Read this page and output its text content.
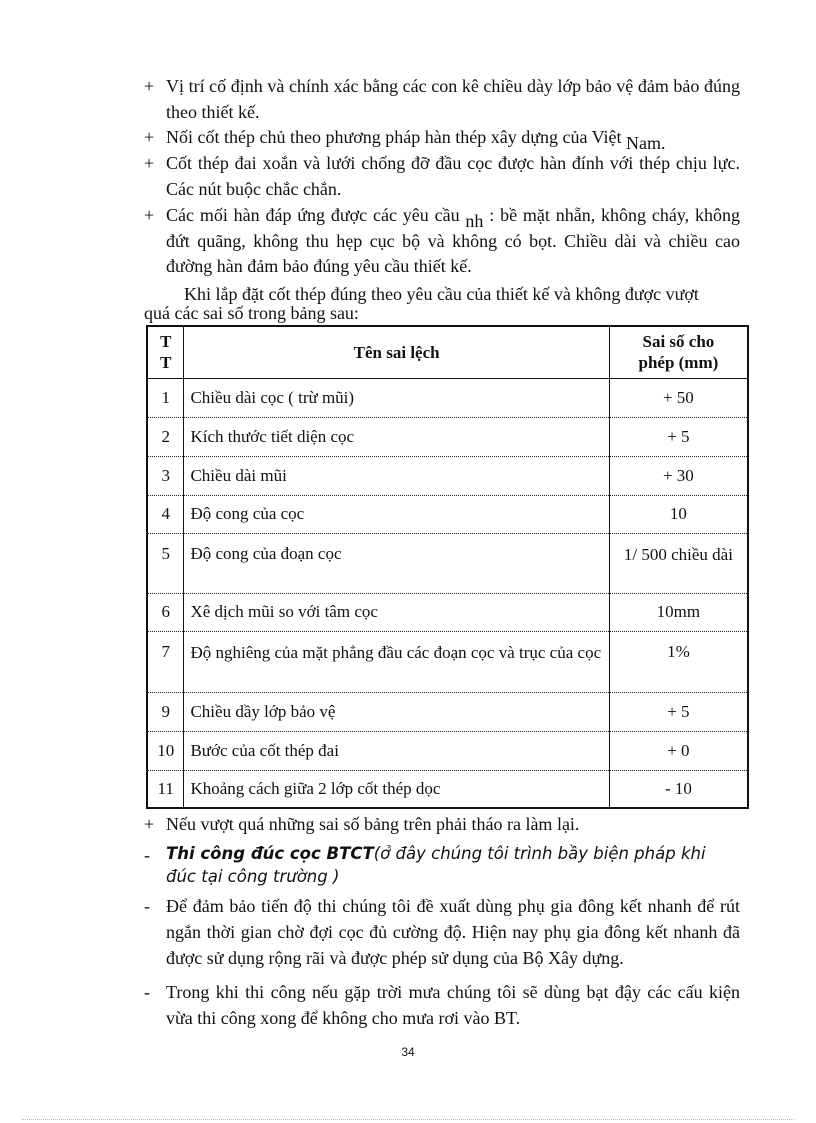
+ Vị trí cố định và chính xác bằng các con kê chiều dày lớp bảo vệ đảm bảo đúng theo thiết kế.
+ Nối cốt thép chủ theo phương pháp hàn thép xây dựng của Việt Nam.
+ Cốt thép đai xoắn và lưới chống đỡ đầu cọc được hàn đính với thép chịu lực. Các nút buộc chắc chắn.
+ Các mối hàn đáp ứng được các yêu cầu nh : bề mặt nhẵn, không cháy, không đứt quãng, không thu hẹp cục bộ và không có bọt. Chiều dài và chiều cao đường hàn đảm bảo đúng yêu cầu thiết kế.
Khi lắp đặt cốt thép đúng theo yêu cầu của thiết kế và không được vượt
quá các sai số trong bảng sau:
T T	Tên sai lệch	Sai số cho phép (mm)
1	Chiều dài cọc ( trừ mũi)	+ 50
2	Kích thước tiết diện cọc	+ 5
3	Chiều dài mũi	+ 30
4	Độ cong của cọc	10
5	Độ cong của đoạn cọc	1/ 500 chiều dài
6	Xê dịch mũi so với tâm cọc	10mm
7	Độ nghiêng của mặt phẳng đầu các đoạn cọc và trục của cọc	1%
9	Chiều dầy lớp bảo vệ	+ 5
10	Bước của cốt thép đai	+ 0
11	Khoảng cách giữa 2 lớp cốt thép dọc	- 10
+ Nếu vượt quá những sai số bảng trên phải tháo ra làm lại.
- Thi công đúc cọc BTCT(ở đây chúng tôi trình bầy biện pháp khi đúc tại công trường )
- Để đảm bảo tiến độ thi chúng tôi đề xuất dùng phụ gia đông kết nhanh để rút ngắn thời gian chờ đợi cọc đủ cường độ. Hiện nay phụ gia đông kết nhanh đã được sử dụng rộng rãi và được phép sử dụng của Bộ Xây dựng.
- Trong khi thi công nếu gặp trời mưa chúng tôi sẽ dùng bạt đậy các cấu kiện vừa thi công xong để không cho mưa rơi vào BT.
34
